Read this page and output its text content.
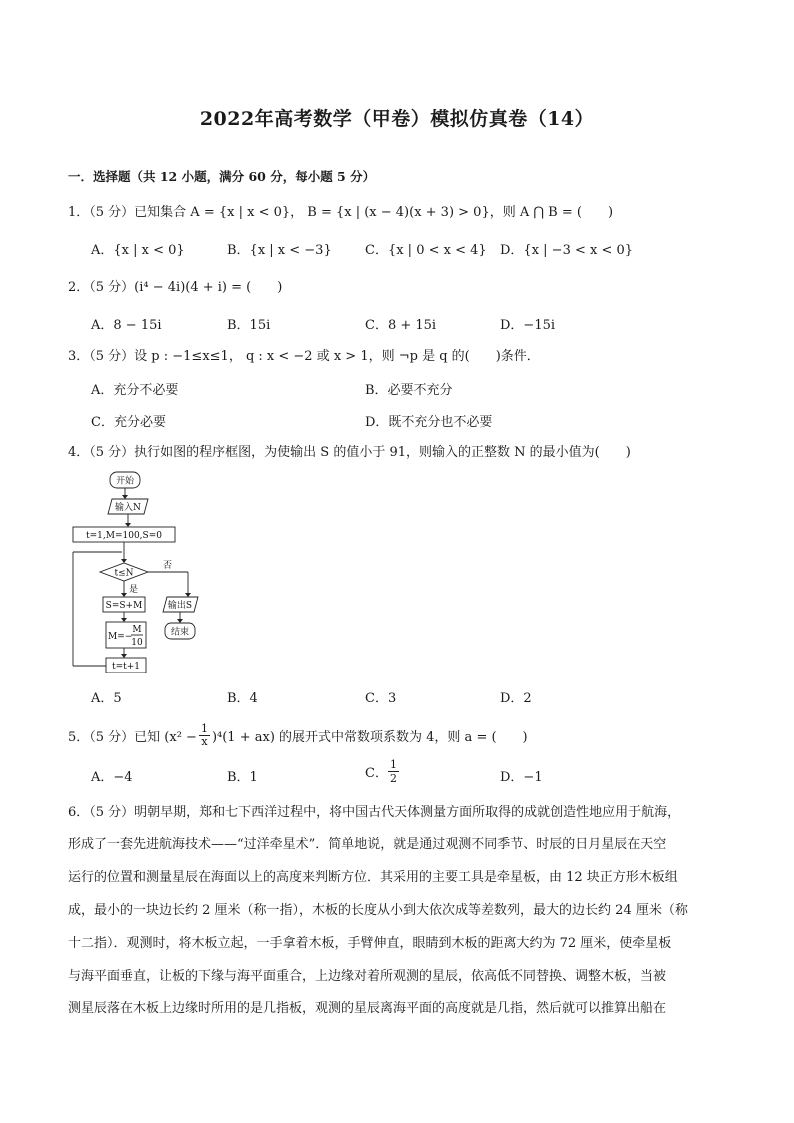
2022年高考数学（甲卷）模拟仿真卷（14）
一．选择题（共 12 小题，满分 60 分，每小题 5 分）
1．（5 分）已知集合 A = {x | x < 0}， B = {x | (x − 4)(x + 3) > 0}，则 A ⋂ B = (　　)
A．{x | x < 0}	B．{x | x < −3}	C．{x | 0 < x < 4} D．{x | −3 < x < 0}
2．（5 分）(i⁴ − 4i)(4 + i) = (　　)
A．8 − 15i	B．15i	C．8 + 15i	D．−15i
3．（5 分）设 p : −1≤x≤1， q : x < −2 或 x > 1，则 ¬p 是 q 的(　　)条件．
A．充分不必要	B．必要不充分
C．充分必要	D．既不充分也不必要
4．（5 分）执行如图的程序框图，为使输出 S 的值小于 91，则输入的正整数 N 的最小值为(　　)
开始
输入N
t=1,M=100,S=0
t≤N
否
是
S=S+M	输出S
结束
M=−
M
10
t=t+1
A．5	B．4	C．3	D．2
5．（5 分）已知 $(x^2 - \frac{1}{x} )^4(1 + ax)$ 的展开式中常数项系数为 4，则 a = (　　)
A．−4	B．1	C． $\frac{1}{2}$	D．−1
6．（5 分）明朝早期，郑和七下西洋过程中，将中国古代天体测量方面所取得的成就创造性地应用于航海，
形成了一套先进航海技术——“过洋牵星术”．简单地说，就是通过观测不同季节、时辰的日月星辰在天空
运行的位置和测量星辰在海面以上的高度来判断方位．其采用的主要工具是牵星板，由 12 块正方形木板组
成，最小的一块边长约 2 厘米（称一指），木板的长度从小到大依次成等差数列，最大的边长约 24 厘米（称
十二指）．观测时，将木板立起，一手拿着木板，手臂伸直，眼睛到木板的距离大约为 72 厘米，使牵星板
与海平面垂直，让板的下缘与海平面重合，上边缘对着所观测的星辰，依高低不同替换、调整木板，当被
测星辰落在木板上边缘时所用的是几指板，观测的星辰离海平面的高度就是几指，然后就可以推算出船在
